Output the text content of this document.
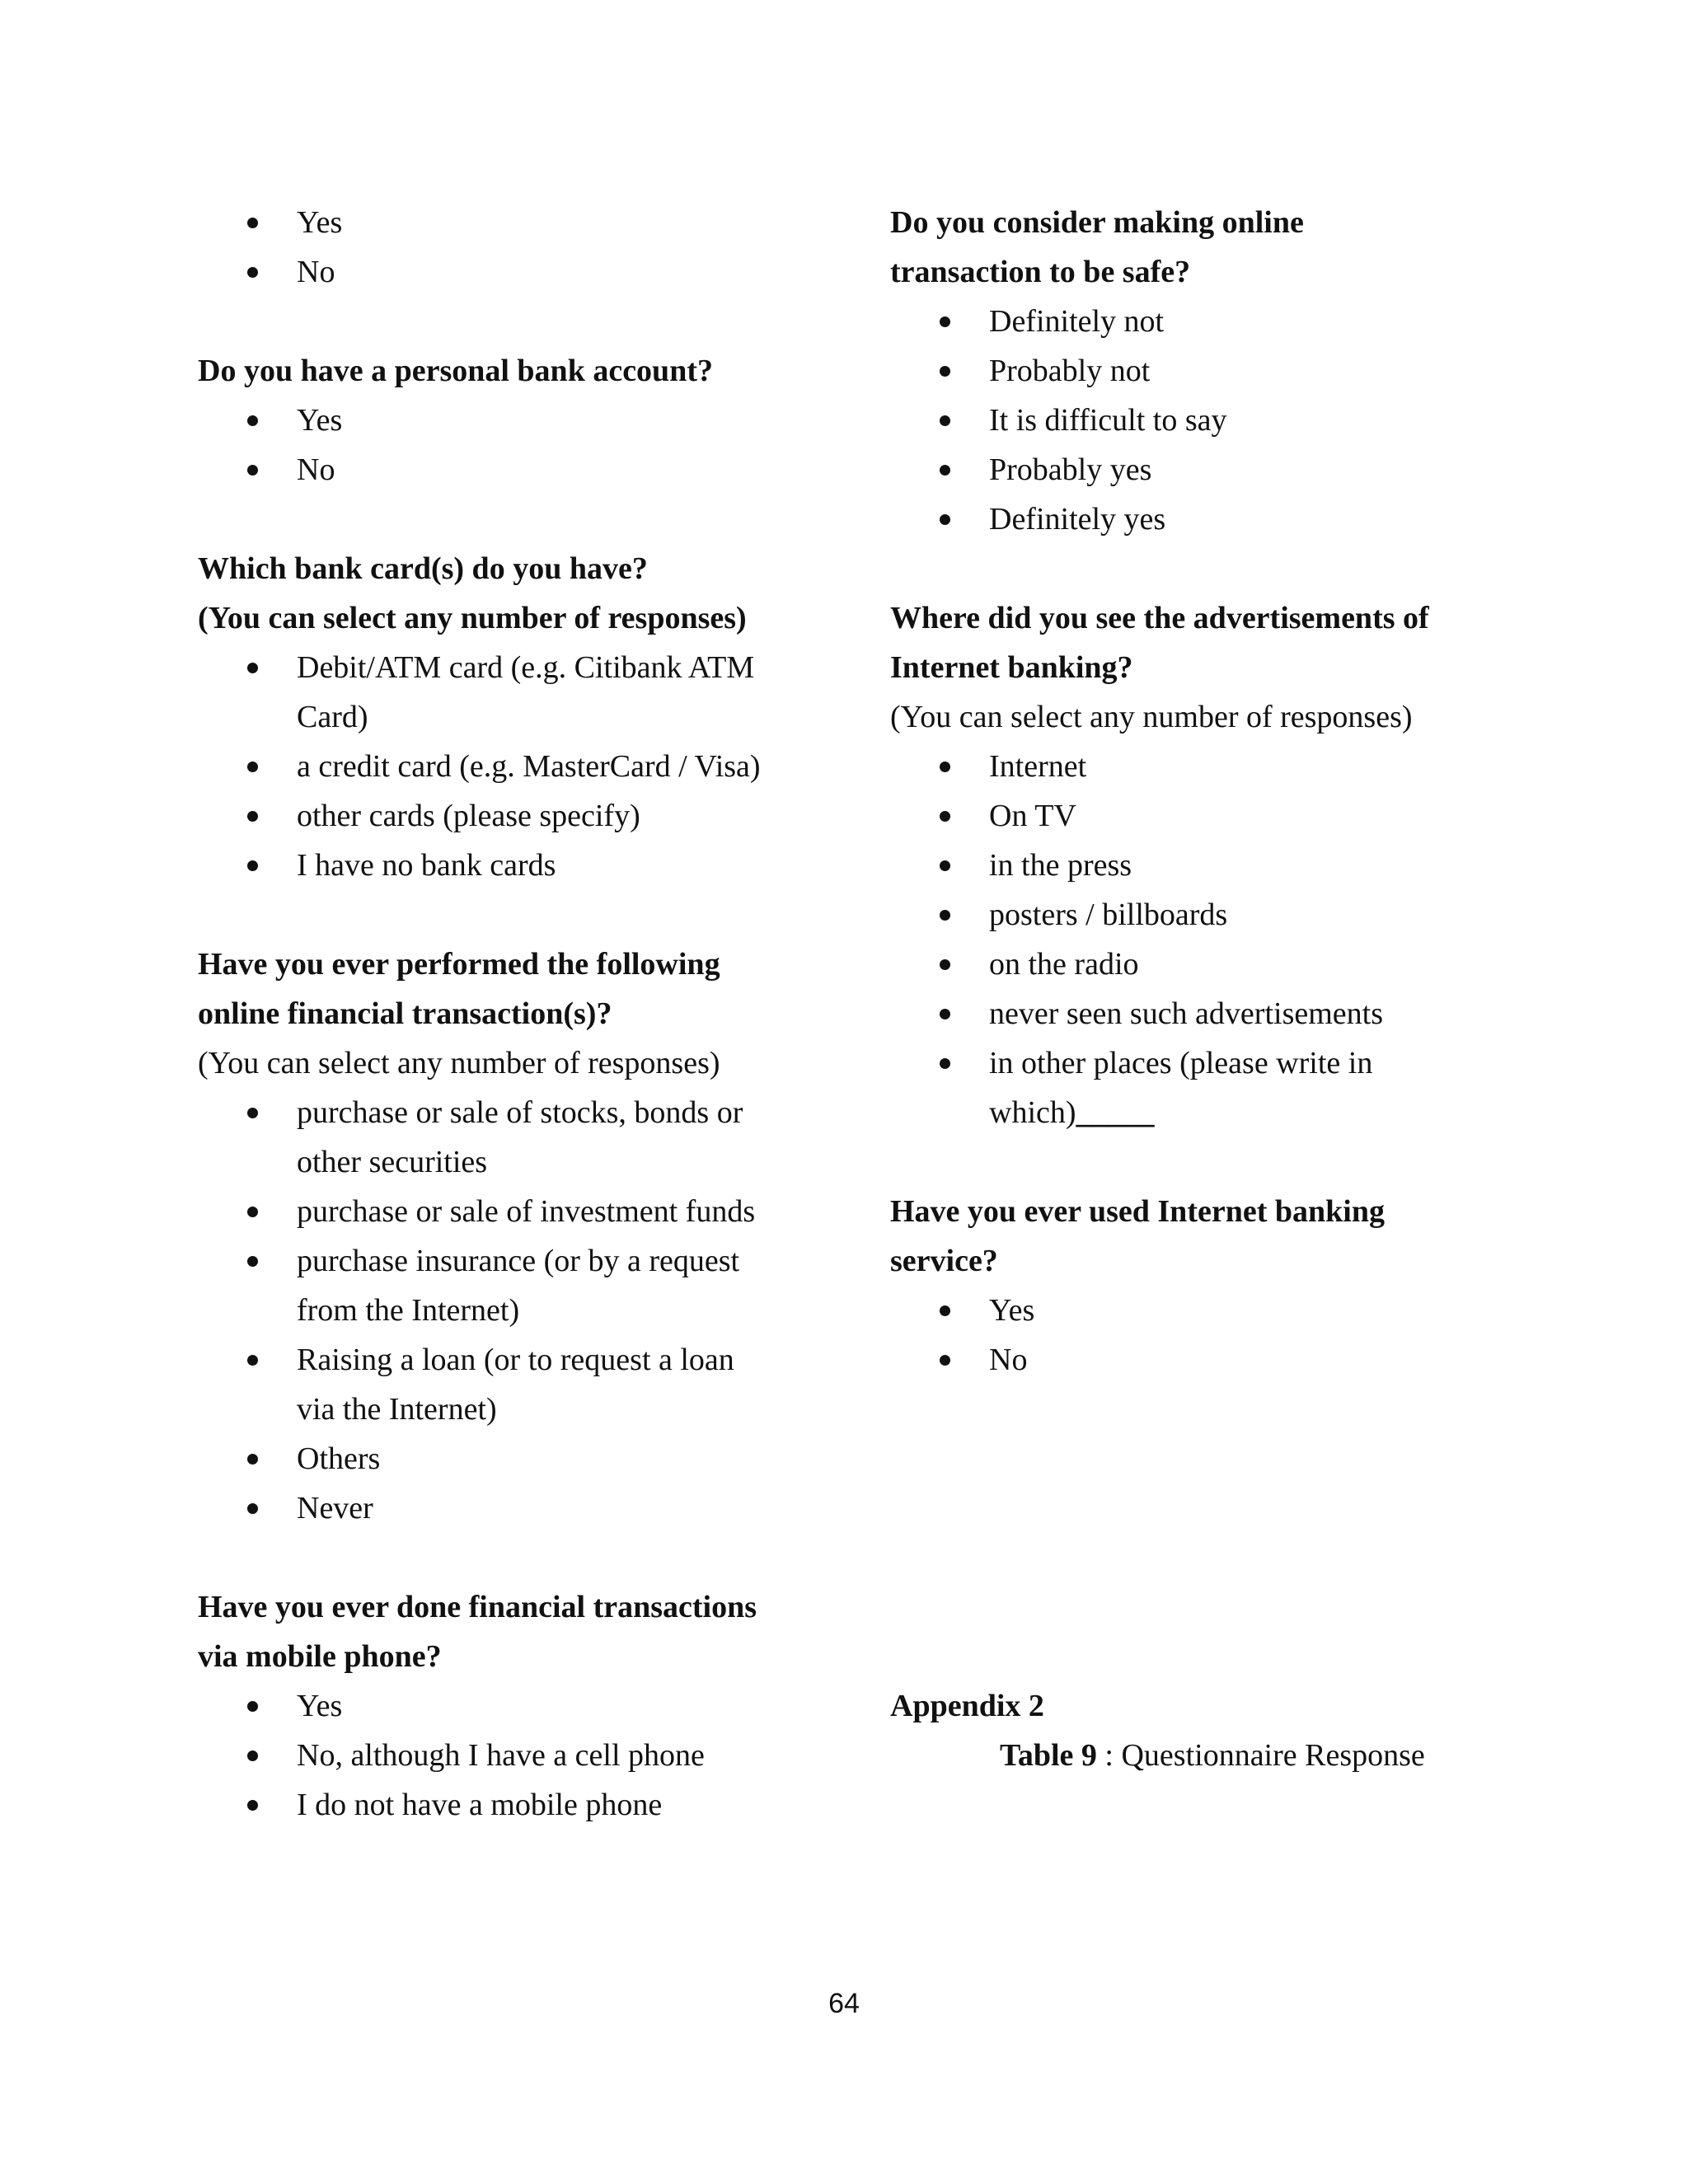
Yes
No

Do you have a personal bank account?

Yes
No

Which bank card(s) do you have?

(You can select any number of responses)

Debit/ATM card (e.g. Citibank ATM
Card)
a credit card (e.g. MasterCard / Visa)
other cards (please specify)
I have no bank cards

Have you ever performed the following
online financial transaction(s)?

(You can select any number of responses)

purchase or sale of stocks, bonds or
other securities
purchase or sale of investment funds
purchase insurance (or by a request
from the Internet)
Raising a loan (or to request a loan
via the Internet)
Others
Never

Have you ever done financial transactions
via mobile phone?

Yes
No, although I have a cell phone
I do not have a mobile phone

Do you consider making online
transaction to be safe?

Definitely not
Probably not
It is difficult to say
Probably yes
Definitely yes

Where did you see the advertisements of
Internet banking?

(You can select any number of responses)

Internet
On TV
in the press
posters / billboards
on the radio
never seen such advertisements
in other places (please write in
which)_____

Have you ever used Internet banking
service?

Yes
No
Appendix 2
Table 9 : Questionnaire Response
64
